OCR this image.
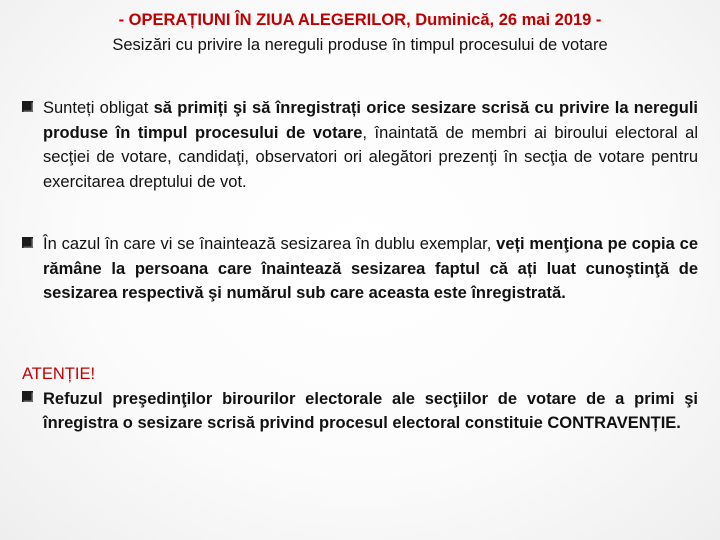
- OPERAȚIUNI ÎN ZIUA ALEGERILOR, Duminică, 26 mai 2019 -
Sesizări cu privire la nereguli produse în timpul procesului de votare
Sunteți obligat să primiți şi să înregistrați orice sesizare scrisă cu privire la nereguli produse în timpul procesului de votare, înaintată de membri ai biroului electoral al secţiei de votare, candidaţi, observatori ori alegători prezenţi în secţia de votare pentru exercitarea dreptului de vot.
În cazul în care vi se înaintează sesizarea în dublu exemplar, veți menţiona pe copia ce rămâne la persoana care înaintează sesizarea faptul că ați luat cunoştinţă de sesizarea respectivă şi numărul sub care aceasta este înregistrată.
ATENȚIE!
Refuzul preşedinţilor birourilor electorale ale secţiilor de votare de a primi şi înregistra o sesizare scrisă privind procesul electoral constituie CONTRAVENȚIE.
